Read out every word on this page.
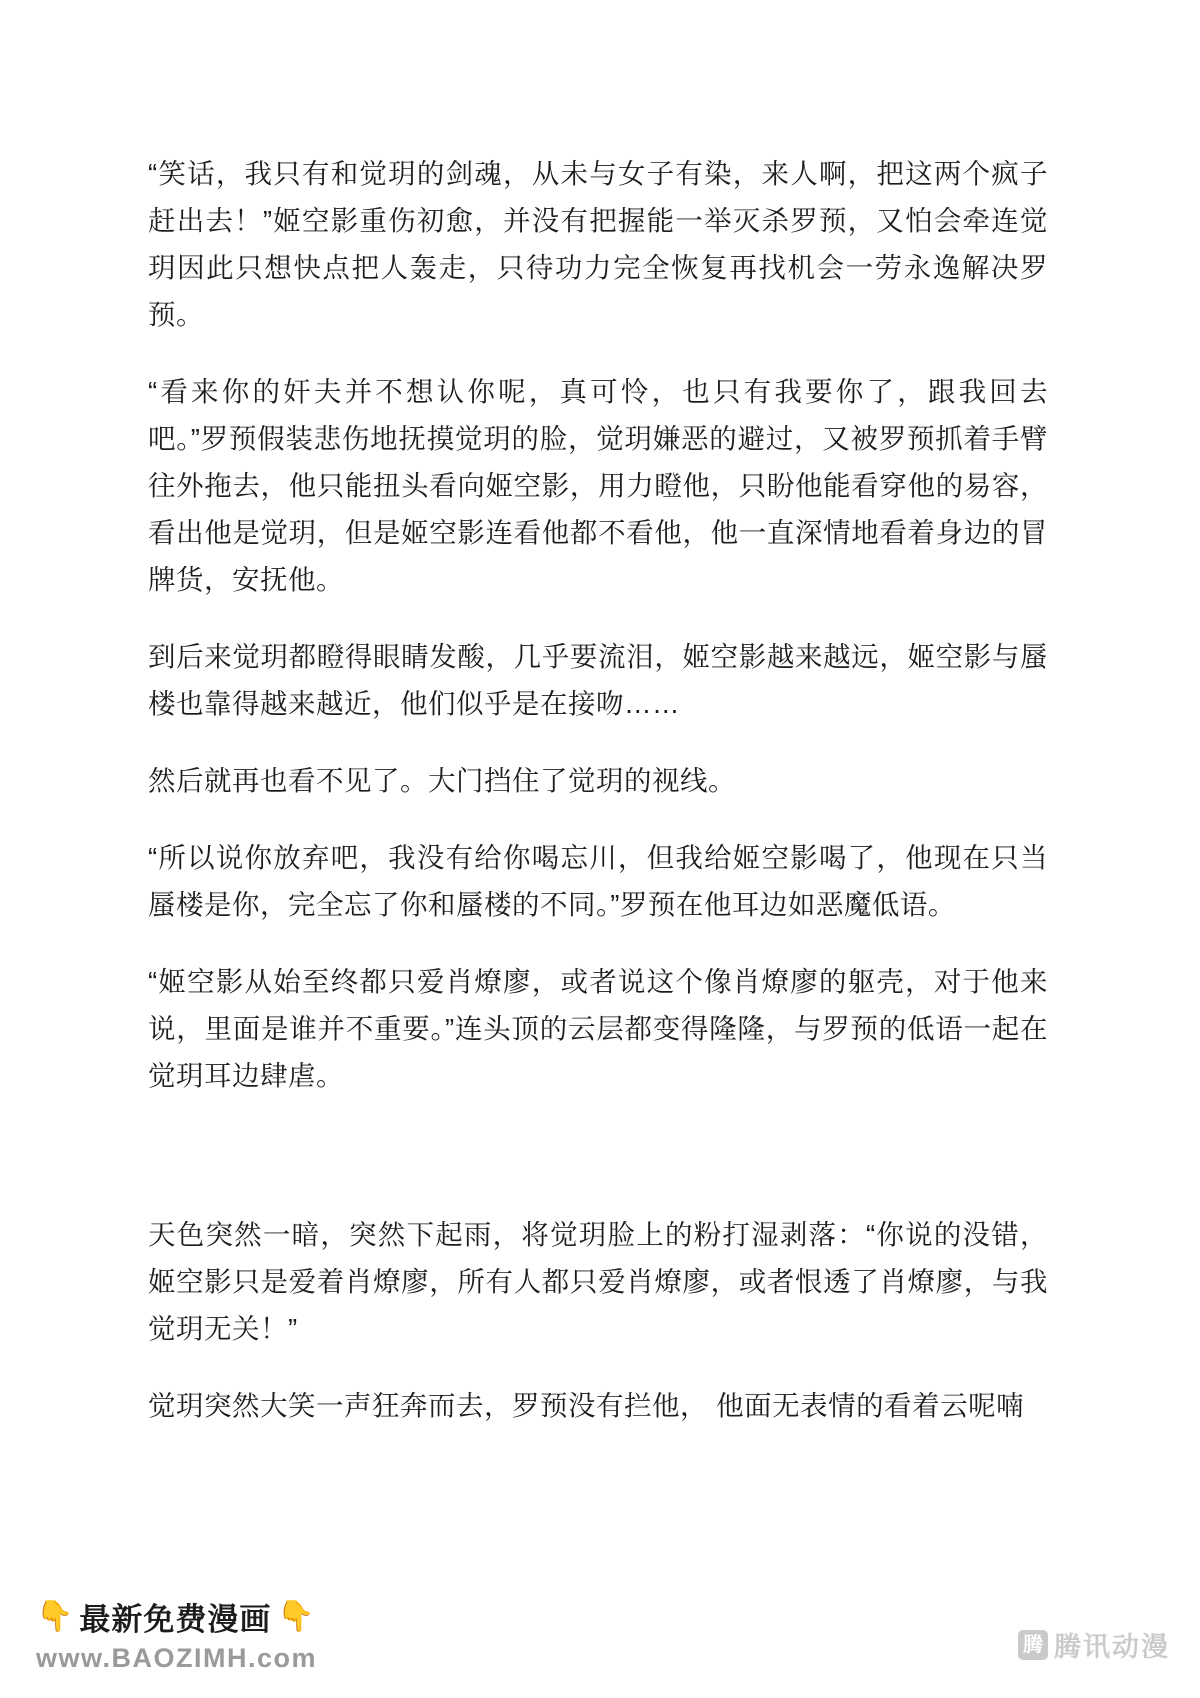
“笑话，我只有和觉玥的剑魂，从未与女子有染，来人啊，把这两个疯子赶出去！”姬空影重伤初愈，并没有把握能一举灭杀罗预，又怕会牵连觉玥因此只想快点把人轰走，只待功力完全恢复再找机会一劳永逸解决罗预。

“看来你的奸夫并不想认你呢，真可怜，也只有我要你了，跟我回去吧。”罗预假装悲伤地抚摸觉玥的脸，觉玥嫌恶的避过，又被罗预抓着手臂往外拖去，他只能扭头看向姬空影，用力瞪他，只盼他能看穿他的易容，看出他是觉玥，但是姬空影连看他都不看他，他一直深情地看着身边的冒牌货，安抚他。

到后来觉玥都瞪得眼睛发酸，几乎要流泪，姬空影越来越远，姬空影与蜃楼也靠得越来越近，他们似乎是在接吻……

然后就再也看不见了。大门挡住了觉玥的视线。

“所以说你放弃吧，我没有给你喝忘川，但我给姬空影喝了，他现在只当蜃楼是你，完全忘了你和蜃楼的不同。”罗预在他耳边如恶魔低语。

“姬空影从始至终都只爱肖燎廖，或者说这个像肖燎廖的躯壳，对于他来说，里面是谁并不重要。”连头顶的云层都变得隆隆，与罗预的低语一起在觉玥耳边肆虐。

天色突然一暗，突然下起雨，将觉玥脸上的粉打湿剥落：“你说的没错，姬空影只是爱着肖燎廖，所有人都只爱肖燎廖，或者恨透了肖燎廖，与我觉玥无关！”

觉玥突然大笑一声狂奔而去，罗预没有拦他， 他面无表情的看着云呢喃

👇 最新免费漫画 👇
www.BAOZIMH.com	腾 腾讯动漫
